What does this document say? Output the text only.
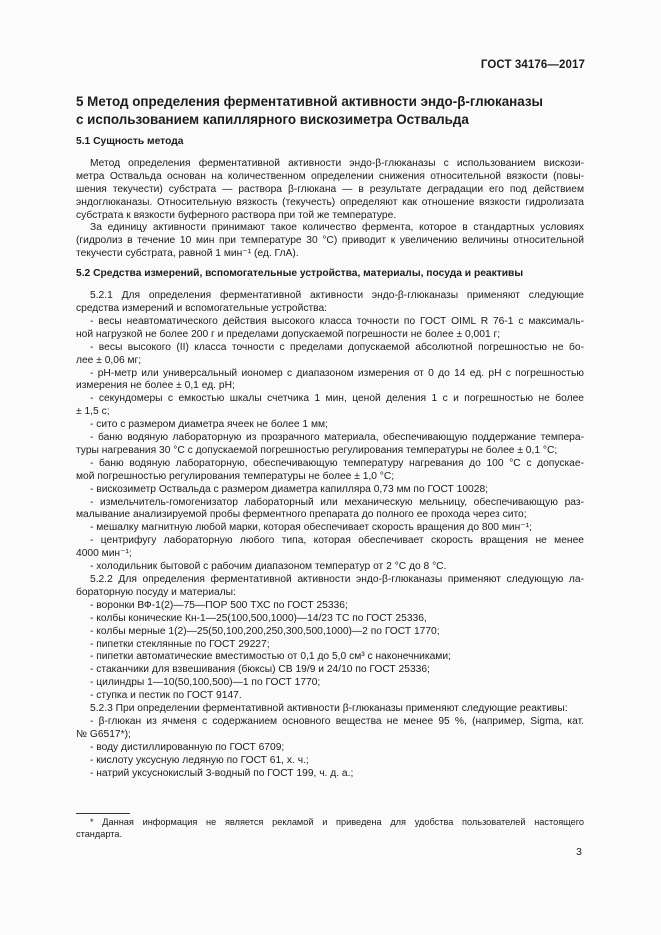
ГОСТ 34176—2017
5 Метод определения ферментативной активности эндо-β-глюканазы
с использованием капиллярного вискозиметра Оствальда

5.1 Сущность метода

Метод определения ферментативной активности эндо-β-глюканазы с использованием вискози-
метра Оствальда основан на количественном определении снижения относительной вязкости (повы-
шения текучести) субстрата — раствора β-глюкана — в результате деградации его под действием
эндоглюканазы. Относительную вязкость (текучесть) определяют как отношение вязкости гидролизата
субстрата к вязкости буферного раствора при той же температуре.
За единицу активности принимают такое количество фермента, которое в стандартных условиях
(гидролиз в течение 10 мин при температуре 30 °C) приводит к увеличению величины относительной
текучести субстрата, равной 1 мин⁻¹ (ед. ГлА).

5.2 Средства измерений, вспомогательные устройства, материалы, посуда и реактивы

5.2.1 Для определения ферментативной активности эндо-β-глюканазы применяют следующие
средства измерений и вспомогательные устройства:
- весы неавтоматического действия высокого класса точности по ГОСТ OIML R 76-1 с максималь-
ной нагрузкой не более 200 г и пределами допускаемой погрешности не более ± 0,001 г;
- весы высокого (II) класса точности с пределами допускаемой абсолютной погрешностью не бо-
лее ± 0,06 мг;
- pH-метр или универсальный иономер с диапазоном измерения от 0 до 14 ед. pH с погрешностью
измерения не более ± 0,1 ед. pH;
- секундомеры с емкостью шкалы счетчика 1 мин, ценой деления 1 с и погрешностью не более
± 1,5 с;
- сито с размером диаметра ячеек не более 1 мм;
- баню водяную лабораторную из прозрачного материала, обеспечивающую поддержание темпера-
туры нагревания 30 °C с допускаемой погрешностью регулирования температуры не более ± 0,1 °C;
- баню водяную лабораторную, обеспечивающую температуру нагревания до 100 °C с допускае-
мой погрешностью регулирования температуры не более ± 1,0 °C;
- вискозиметр Оствальда с размером диаметра капилляра 0,73 мм по ГОСТ 10028;
- измельчитель-гомогенизатор лабораторный или механическую мельницу, обеспечивающую раз-
малывание анализируемой пробы ферментного препарата до полного ее прохода через сито;
- мешалку магнитную любой марки, которая обеспечивает скорость вращения до 800 мин⁻¹;
- центрифугу лабораторную любого типа, которая обеспечивает скорость вращения не менее
4000 мин⁻¹;
- холодильник бытовой с рабочим диапазоном температур от 2 °C до 8 °C.
5.2.2 Для определения ферментативной активности эндо-β-глюканазы применяют следующую ла-
бораторную посуду и материалы:
- воронки ВФ-1(2)—75—ПОР 500 ТХС по ГОСТ 25336;
- колбы конические Кн-1—25(100,500,1000)—14/23 ТС по ГОСТ 25336,
- колбы мерные 1(2)—25(50,100,200,250,300,500,1000)—2 по ГОСТ 1770;
- пипетки стеклянные по ГОСТ 29227;
- пипетки автоматические вместимостью от 0,1 до 5,0 см³ с наконечниками;
- стаканчики для взвешивания (бюксы) СВ 19/9 и 24/10 по ГОСТ 25336;
- цилиндры 1—10(50,100,500)—1 по ГОСТ 1770;
- ступка и пестик по ГОСТ 9147.
5.2.3 При определении ферментативной активности β-глюканазы применяют следующие реактивы:
- β-глюкан из ячменя с содержанием основного вещества не менее 95 %, (например, Sigma, кат.
№ G6517*);
- воду дистиллированную по ГОСТ 6709;
- кислоту уксусную ледяную по ГОСТ 61, х. ч.;
- натрий уксуснокислый 3-водный по ГОСТ 199, ч. д. а.;
* Данная информация не является рекламой и приведена для удобства пользователей настоящего
стандарта.
3
